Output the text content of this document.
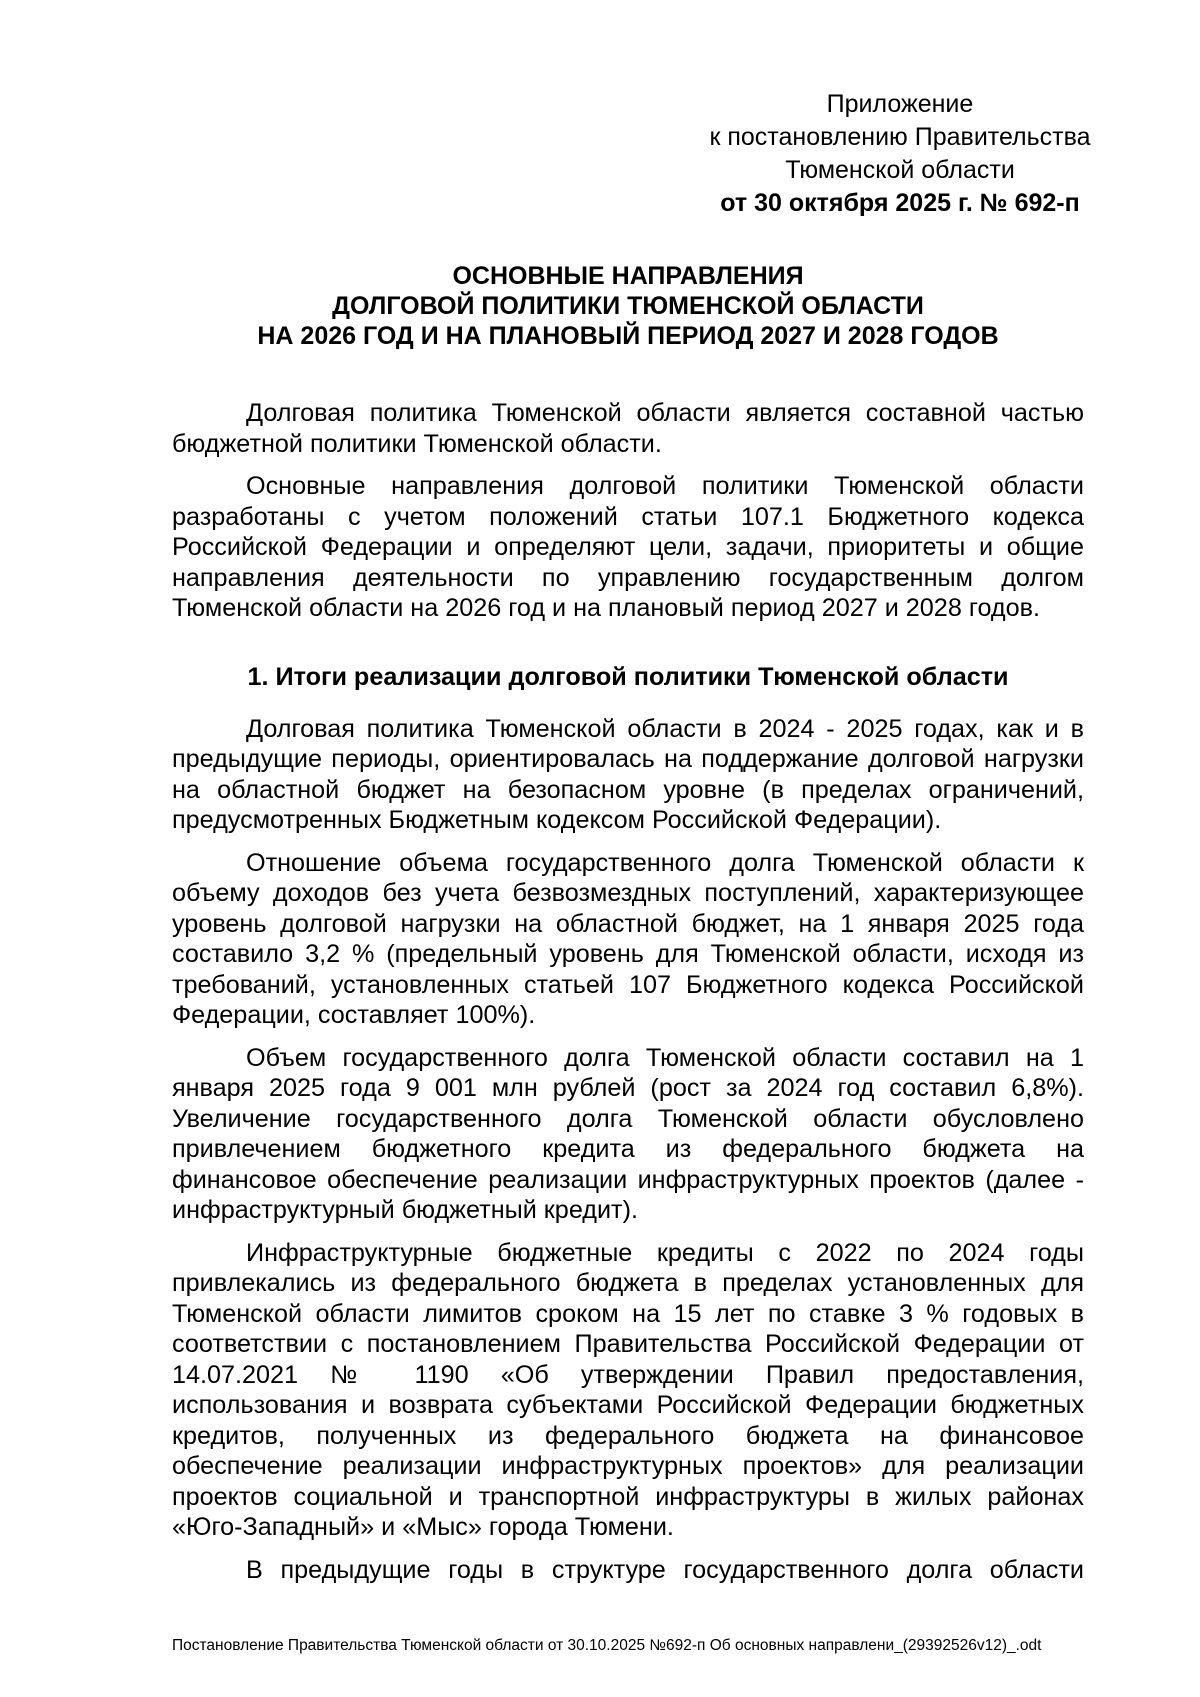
Приложение
к постановлению Правительства
Тюменской области
от 30 октября 2025 г. № 692-п
ОСНОВНЫЕ НАПРАВЛЕНИЯ
ДОЛГОВОЙ ПОЛИТИКИ ТЮМЕНСКОЙ ОБЛАСТИ
НА 2026 ГОД И НА ПЛАНОВЫЙ ПЕРИОД 2027 И 2028 ГОДОВ

Долговая политика Тюменской области является составной частью бюджетной политики Тюменской области.

Основные направления долговой политики Тюменской области разработаны с учетом положений статьи 107.1 Бюджетного кодекса Российской Федерации и определяют цели, задачи, приоритеты и общие направления деятельности по управлению государственным долгом Тюменской области на 2026 год и на плановый период 2027 и 2028 годов.

1. Итоги реализации долговой политики Тюменской области

Долговая политика Тюменской области в 2024 - 2025 годах, как и в предыдущие периоды, ориентировалась на поддержание долговой нагрузки на областной бюджет на безопасном уровне (в пределах ограничений, предусмотренных Бюджетным кодексом Российской Федерации).

Отношение объема государственного долга Тюменской области к объему доходов без учета безвозмездных поступлений, характеризующее уровень долговой нагрузки на областной бюджет, на 1 января 2025 года составило 3,2 % (предельный уровень для Тюменской области, исходя из требований, установленных статьей 107 Бюджетного кодекса Российской Федерации, составляет 100%).

Объем государственного долга Тюменской области составил на 1 января 2025 года 9 001 млн рублей (рост за 2024 год составил 6,8%). Увеличение государственного долга Тюменской области обусловлено привлечением бюджетного кредита из федерального бюджета на финансовое обеспечение реализации инфраструктурных проектов (далее - инфраструктурный бюджетный кредит).

Инфраструктурные бюджетные кредиты с 2022 по 2024 годы привлекались из федерального бюджета в пределах установленных для Тюменской области лимитов сроком на 15 лет по ставке 3 % годовых в соответствии с постановлением Правительства Российской Федерации от 14.07.2021 № 1190 «Об утверждении Правил предоставления, использования и возврата субъектами Российской Федерации бюджетных кредитов, полученных из федерального бюджета на финансовое обеспечение реализации инфраструктурных проектов» для реализации проектов социальной и транспортной инфраструктуры в жилых районах «Юго-Западный» и «Мыс» города Тюмени.

В предыдущие годы в структуре государственного долга области

Постановление Правительства Тюменской области от 30.10.2025 №692-п Об основных направлени_(29392526v12)_.odt
